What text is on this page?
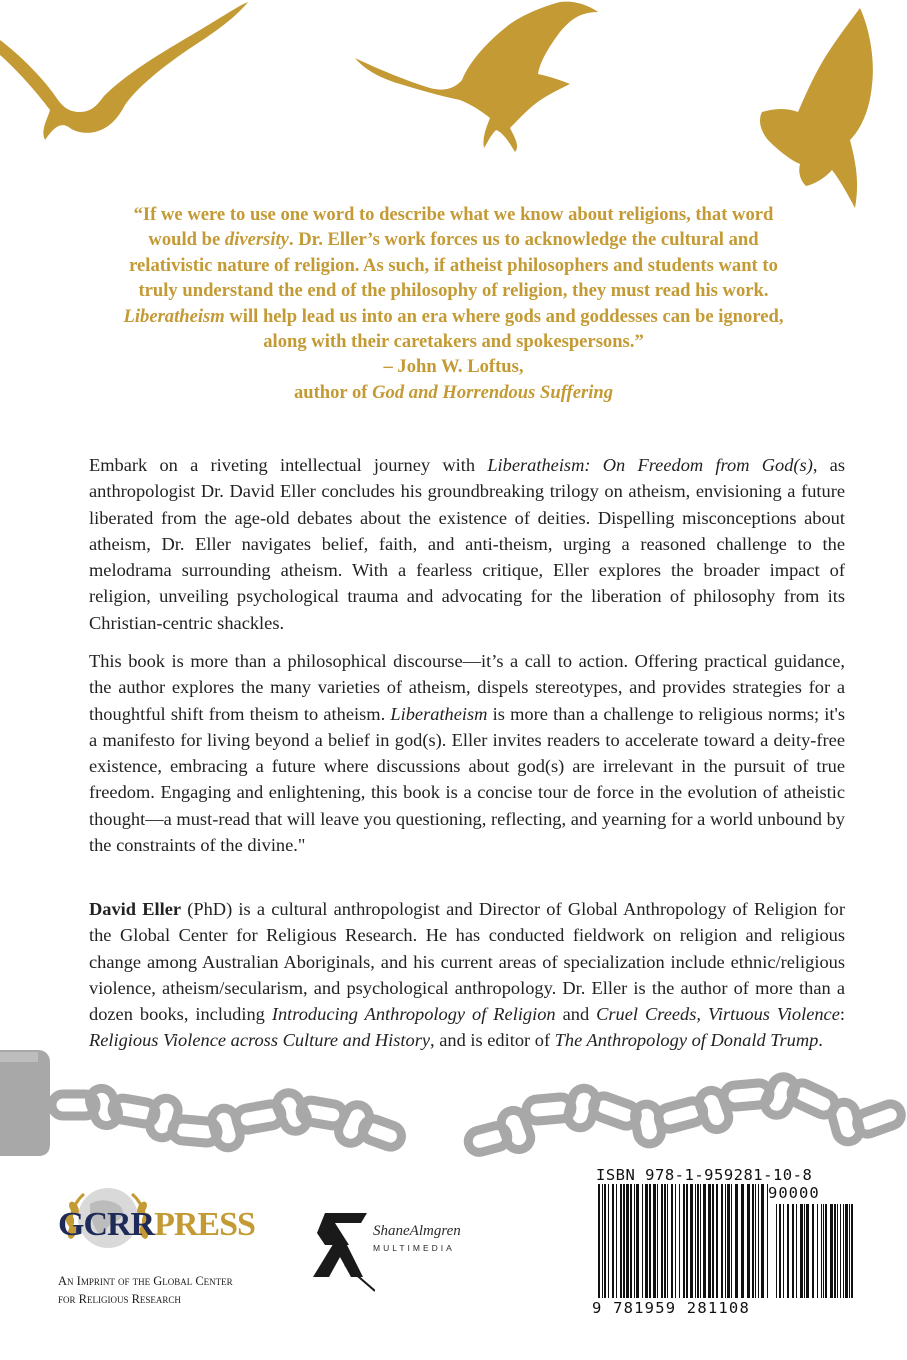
“If we were to use one word to describe what we know about religions, that word
would be diversity. Dr. Eller’s work forces us to acknowledge the cultural and
relativistic nature of religion. As such, if atheist philosophers and students want to
truly understand the end of the philosophy of religion, they must read his work.
Liberatheism will help lead us into an era where gods and goddesses can be ignored,
along with their caretakers and spokespersons.”
– John W. Loftus,
author of God and Horrendous Suffering

Embark on a riveting intellectual journey with Liberatheism: On Freedom from God(s), as anthropologist Dr. David Eller concludes his groundbreaking trilogy on atheism, envisioning a future liberated from the age-old debates about the existence of deities. Dispelling misconceptions about atheism, Dr. Eller navigates belief, faith, and anti-theism, urging a reasoned challenge to the melodrama surrounding atheism. With a fearless critique, Eller explores the broader impact of religion, unveiling psychological trauma and advocating for the liberation of philosophy from its Christian-centric shackles.

This book is more than a philosophical discourse—it’s a call to action. Offering practical guidance, the author explores the many varieties of atheism, dispels stereotypes, and provides strategies for a thoughtful shift from theism to atheism. Liberatheism is more than a challenge to religious norms; it's a manifesto for living beyond a belief in god(s). Eller invites readers to accelerate toward a deity-free existence, embracing a future where discussions about god(s) are irrelevant in the pursuit of true freedom. Engaging and enlightening, this book is a concise tour de force in the evolution of atheistic thought—a must-read that will leave you questioning, reflecting, and yearning for a world unbound by the constraints of the divine."

David Eller (PhD) is a cultural anthropologist and Director of Global Anthropology of Religion for the Global Center for Religious Research. He has conducted fieldwork on religion and religious change among Australian Aboriginals, and his current areas of specialization include ethnic/religious violence, atheism/secularism, and psychological anthropology. Dr. Eller is the author of more than a dozen books, including Introducing Anthropology of Religion and Cruel Creeds, Virtuous Violence: Religious Violence across Culture and History, and is editor of The Anthropology of Donald Trump.

GCRRPRESS
An Imprint of the Global Center
for Religious Research
ShaneAlmgren
MULTIMEDIA
ISBN 978-1-959281-10-8
90000
9 781959 281108
